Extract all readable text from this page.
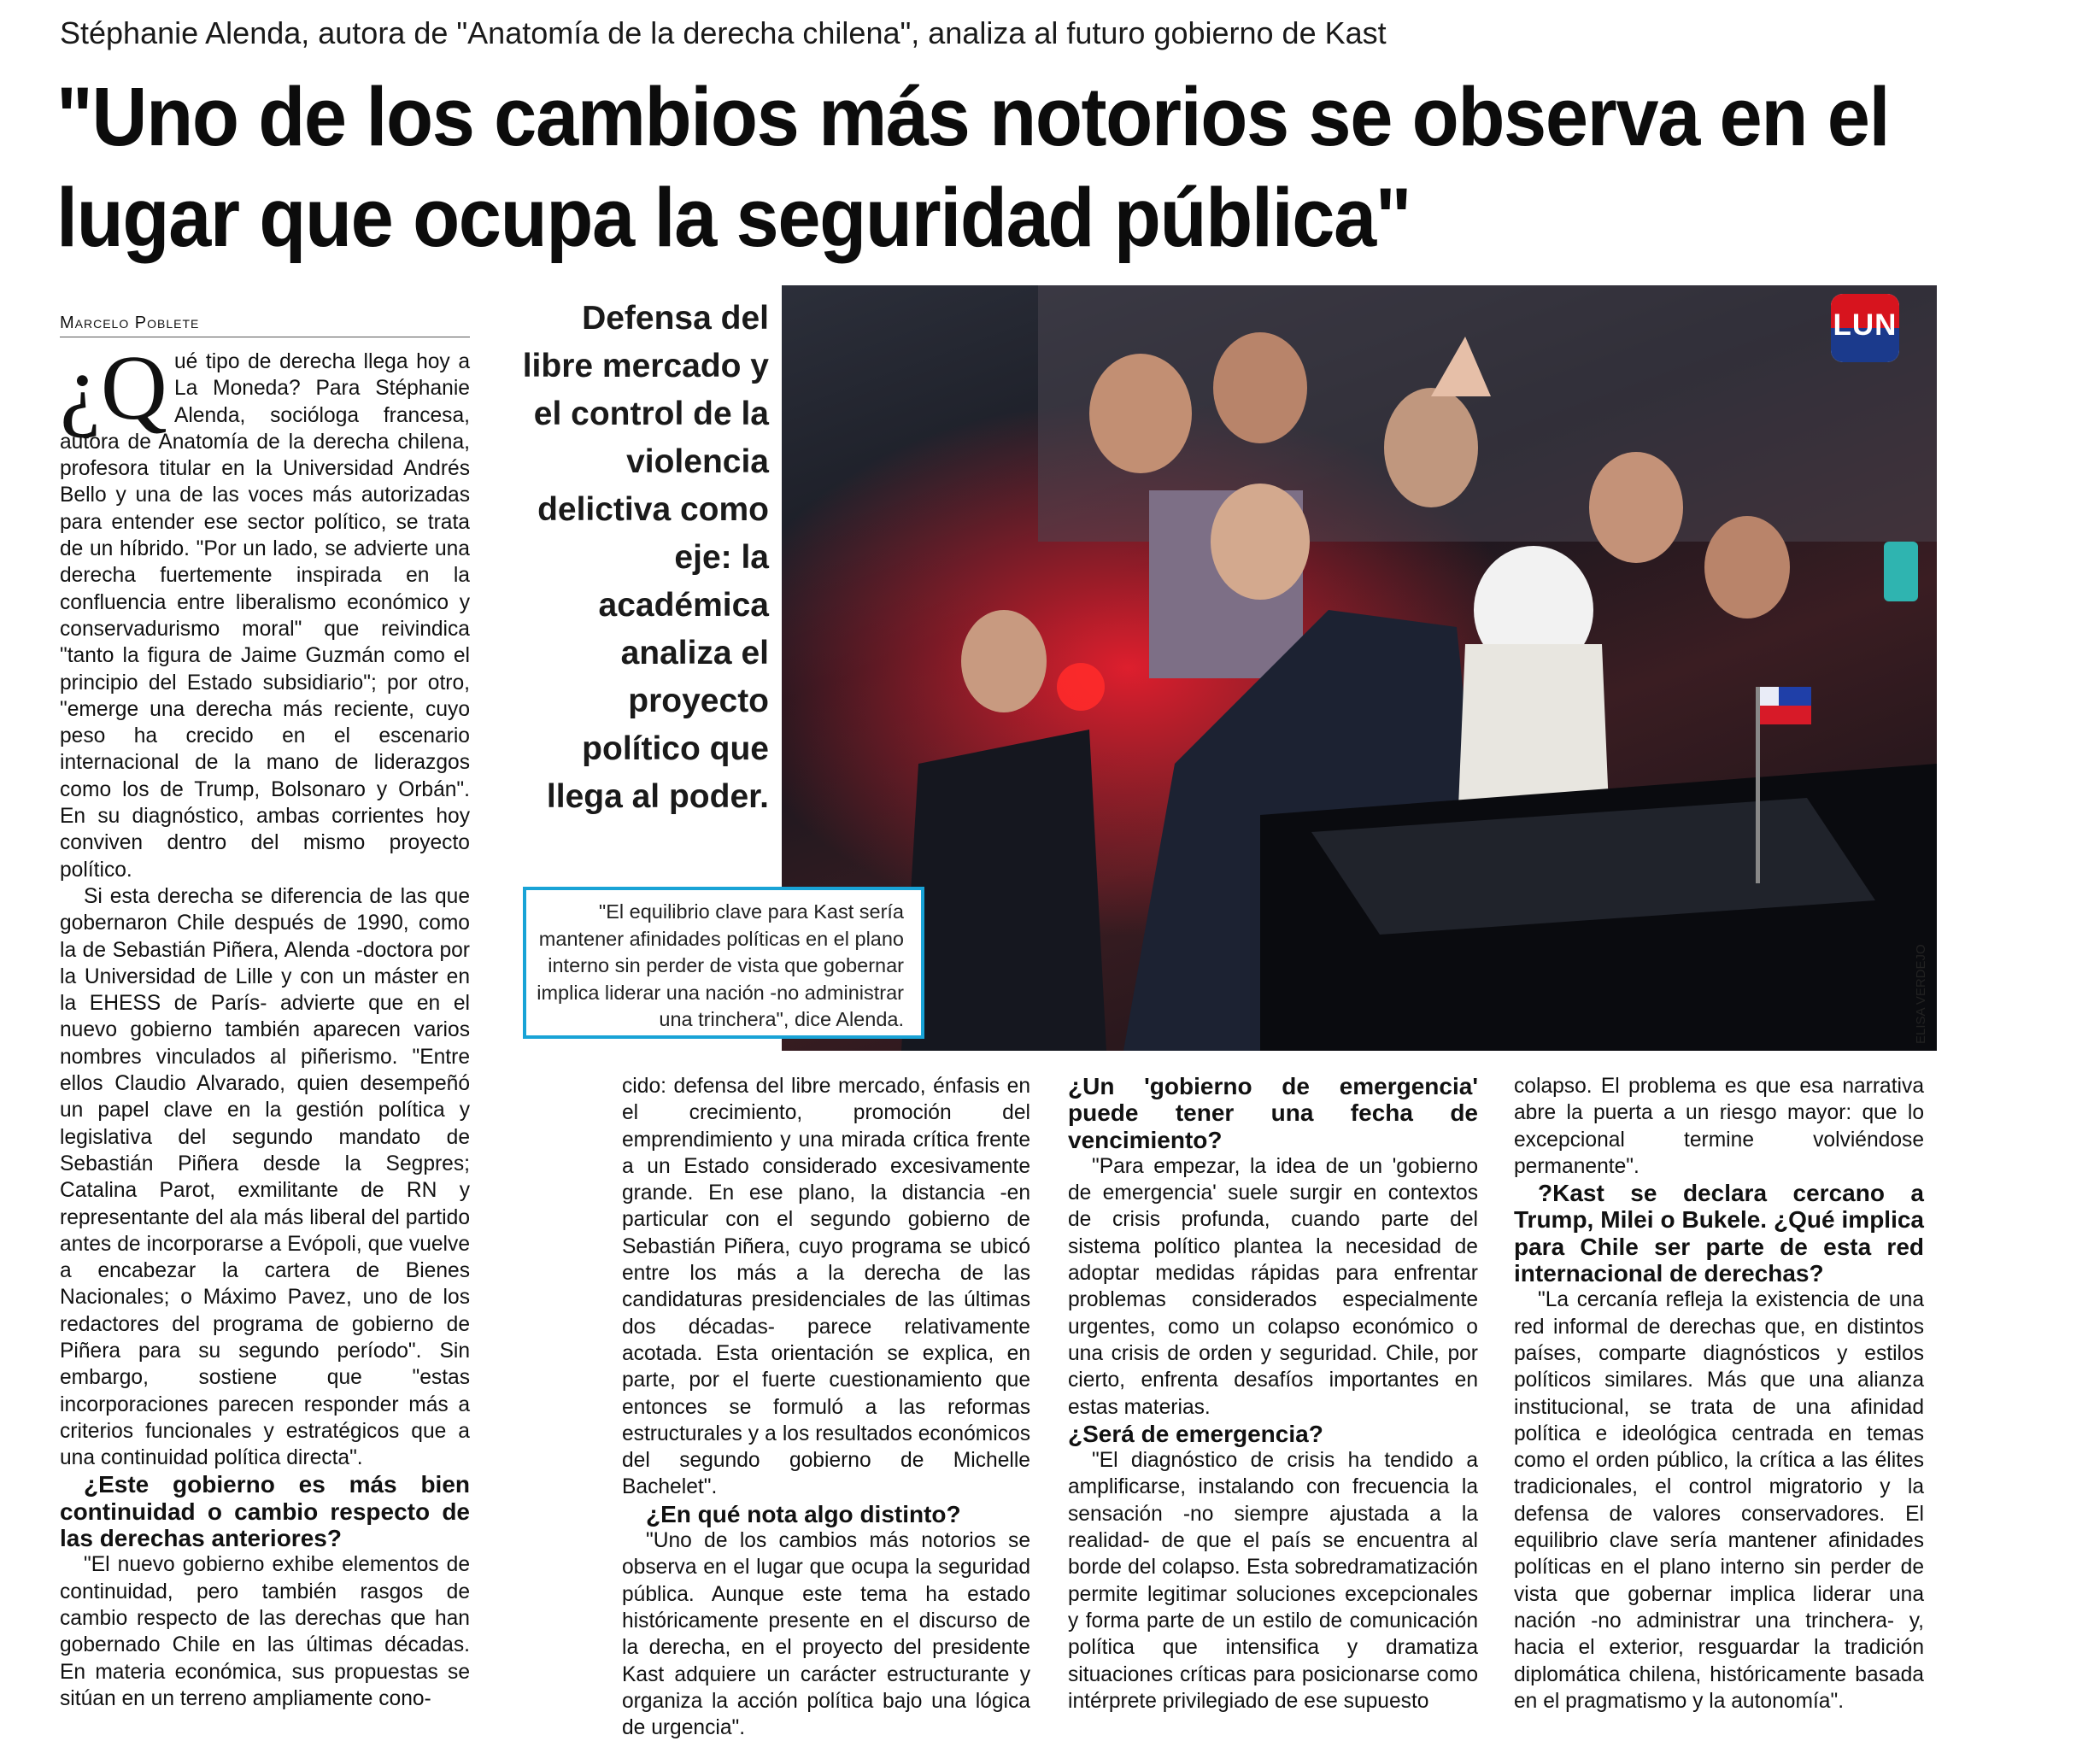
Stéphanie Alenda, autora de "Anatomía de la derecha chilena", analiza al futuro gobierno de Kast
"Uno de los cambios más notorios se observa en el lugar que ocupa la seguridad pública"
Marcelo Poblete

¿Q ué tipo de derecha llega hoy a La Moneda? Para Stéphanie Alenda, socióloga francesa, autora de Anatomía de la derecha chilena, profesora titular en la Universidad Andrés Bello y una de las voces más autorizadas para entender ese sector político, se trata de un híbrido. "Por un lado, se advierte una derecha fuertemente inspirada en la confluencia entre liberalismo económico y conservadurismo moral" que reivindica "tanto la figura de Jaime Guzmán como el principio del Estado subsidiario"; por otro, "emerge una derecha más reciente, cuyo peso ha crecido en el escenario internacional de la mano de liderazgos como los de Trump, Bolsonaro y Orbán". En su diagnóstico, ambas corrientes hoy conviven dentro del mismo proyecto político.

Si esta derecha se diferencia de las que gobernaron Chile después de 1990, como la de Sebastián Piñera, Alenda -doctora por la Universidad de Lille y con un máster en la EHESS de París- advierte que en el nuevo gobierno también aparecen varios nombres vinculados al piñerismo. "Entre ellos Claudio Alvarado, quien desempeñó un papel clave en la gestión política y legislativa del segundo mandato de Sebastián Piñera desde la Segpres; Catalina Parot, exmilitante de RN y representante del ala más liberal del partido antes de incorporarse a Evópoli, que vuelve a encabezar la cartera de Bienes Nacionales; o Máximo Pavez, uno de los redactores del programa de gobierno de Piñera para su segundo período". Sin embargo, sostiene que "estas incorporaciones parecen responder más a criterios funcionales y estratégicos que a una continuidad política directa".

¿Este gobierno es más bien continuidad o cambio respecto de las derechas anteriores?

"El nuevo gobierno exhibe elementos de continuidad, pero también rasgos de cambio respecto de las derechas que han gobernado Chile en las últimas décadas. En materia económica, sus propuestas se sitúan en un terreno ampliamente cono-

cido: defensa del libre mercado, énfasis en el crecimiento, promoción del emprendimiento y una mirada crítica frente a un Estado considerado excesivamente grande. En ese plano, la distancia -en particular con el segundo gobierno de Sebastián Piñera, cuyo programa se ubicó entre los más a la derecha de las candidaturas presidenciales de las últimas dos décadas- parece relativamente acotada. Esta orientación se explica, en parte, por el fuerte cuestionamiento que entonces se formuló a las reformas estructurales y a los resultados económicos del segundo gobierno de Michelle Bachelet".

¿En qué nota algo distinto?

"Uno de los cambios más notorios se observa en el lugar que ocupa la seguridad pública. Aunque este tema ha estado históricamente presente en el discurso de la derecha, en el proyecto del presidente Kast adquiere un carácter estructurante y organiza la acción política bajo una lógica de urgencia".

¿Un 'gobierno de emergencia' puede tener una fecha de vencimiento?

"Para empezar, la idea de un 'gobierno de emergencia' suele surgir en contextos de crisis profunda, cuando parte del sistema político plantea la necesidad de adoptar medidas rápidas para enfrentar problemas considerados especialmente urgentes, como un colapso económico o una crisis de orden y seguridad. Chile, por cierto, enfrenta desafíos importantes en estas materias.

¿Será de emergencia?

"El diagnóstico de crisis ha tendido a amplificarse, instalando con frecuencia la sensación -no siempre ajustada a la realidad- de que el país se encuentra al borde del colapso. Esta sobredramatización permite legitimar soluciones excepcionales y forma parte de un estilo de comunicación política que intensifica y dramatiza situaciones críticas para posicionarse como intérprete privilegiado de ese supuesto

colapso. El problema es que esa narrativa abre la puerta a un riesgo mayor: que lo excepcional termine volviéndose permanente".

?Kast se declara cercano a Trump, Milei o Bukele. ¿Qué implica para Chile ser parte de esta red internacional de derechas?

"La cercanía refleja la existencia de una red informal de derechas que, en distintos países, comparte diagnósticos y estilos políticos similares. Más que una alianza institucional, se trata de una afinidad política e ideológica centrada en temas como el orden público, la crítica a las élites tradicionales, el control migratorio y la defensa de valores conservadores. El equilibrio clave sería mantener afinidades políticas en el plano interno sin perder de vista que gobernar implica liderar una nación -no administrar una trinchera- y, hacia el exterior, resguardar la tradición diplomática chilena, históricamente basada en el pragmatismo y la autonomía".

Defensa del libre mercado y el control de la violencia delictiva como eje: la académica analiza el proyecto político que llega al poder.
LUN
ELISA VERDEJO
"El equilibrio clave para Kast sería mantener afinidades políticas en el plano interno sin perder de vista que gobernar implica liderar una nación -no administrar una trinchera", dice Alenda.
